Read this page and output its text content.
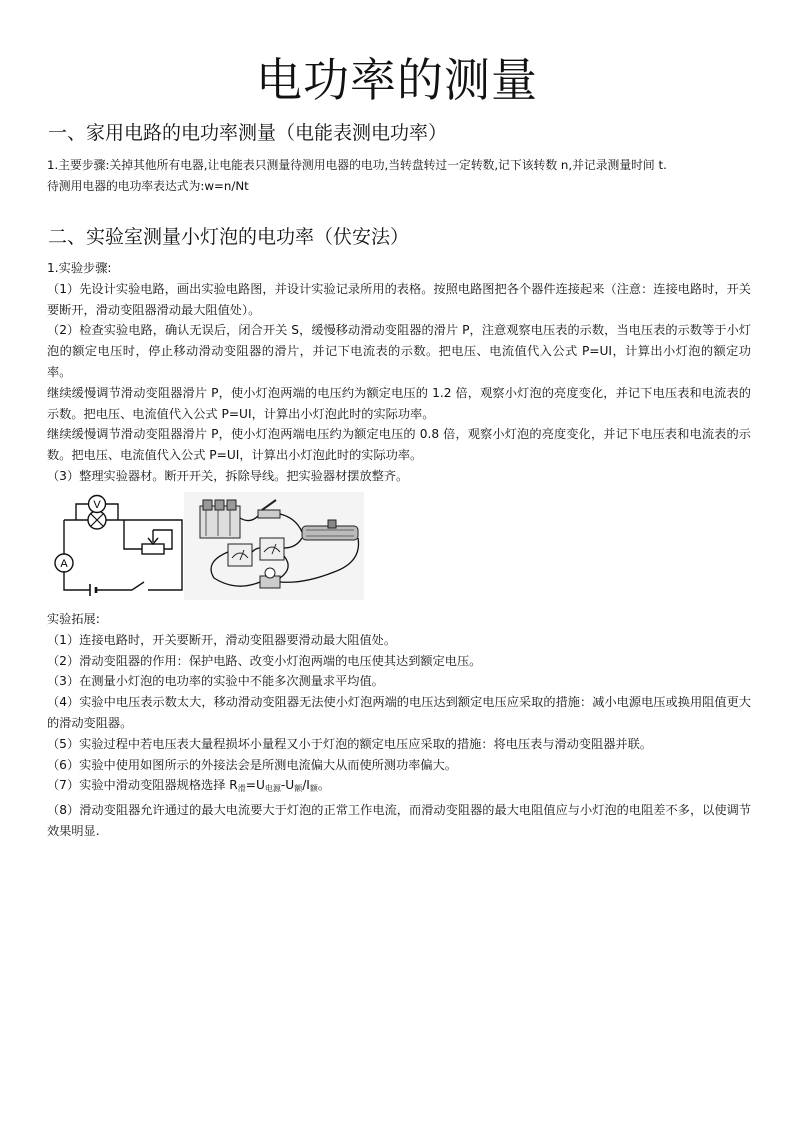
电功率的测量
一、家用电路的电功率测量（电能表测电功率）
1.主要步骤:关掉其他所有电器,让电能表只测量待测用电器的电功,当转盘转过一定转数,记下该转数 n,并记录测量时间 t.
待测用电器的电功率表达式为:w=n/Nt
二、实验室测量小灯泡的电功率（伏安法）
1.实验步骤:
（1）先设计实验电路，画出实验电路图，并设计实验记录所用的表格。按照电路图把各个器件连接起来（注意：连接电路时，开关要断开，滑动变阻器滑动最大阻值处）。
（2）检查实验电路，确认无误后，闭合开关 S，缓慢移动滑动变阻器的滑片 P，注意观察电压表的示数，当电压表的示数等于小灯泡的额定电压时，停止移动滑动变阻器的滑片，并记下电流表的示数。把电压、电流值代入公式 P=UI，计算出小灯泡的额定功率。
继续缓慢调节滑动变阻器滑片 P，使小灯泡两端的电压约为额定电压的 1.2 倍，观察小灯泡的亮度变化，并记下电压表和电流表的示数。把电压、电流值代入公式 P=UI，计算出小灯泡此时的实际功率。
继续缓慢调节滑动变阻器滑片 P，使小灯泡两端电压约为额定电压的 0.8 倍，观察小灯泡的亮度变化，并记下电压表和电流表的示数。把电压、电流值代入公式 P=UI，计算出小灯泡此时的实际功率。
（3）整理实验器材。断开开关，拆除导线。把实验器材摆放整齐。
V
A
实验拓展:
（1）连接电路时，开关要断开，滑动变阻器要滑动最大阻值处。
（2）滑动变阻器的作用：保护电路、改变小灯泡两端的电压使其达到额定电压。
（3）在测量小灯泡的电功率的实验中不能多次测量求平均值。
（4）实验中电压表示数太大，移动滑动变阻器无法使小灯泡两端的电压达到额定电压应采取的措施：减小电源电压或换用阻值更大的滑动变阻器。
（5）实验过程中若电压表大量程损坏小量程又小于灯泡的额定电压应采取的措施：将电压表与滑动变阻器并联。
（6）实验中使用如图所示的外接法会是所测电流偏大从而使所测功率偏大。
（7）实验中滑动变阻器规格选择 $R_滑=U_{电源}-U_额/I_额$。
（8）滑动变阻器允许通过的最大电流要大于灯泡的正常工作电流，而滑动变阻器的最大电阻值应与小灯泡的电阻差不多，以使调节效果明显.
